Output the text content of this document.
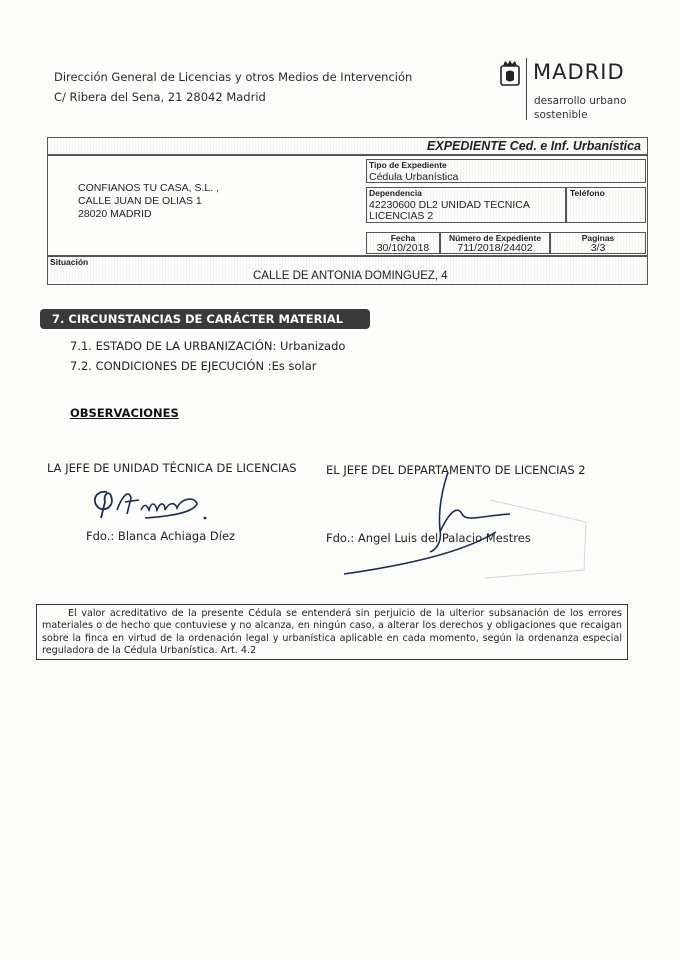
Dirección General de Licencias y otros Medios de Intervención
C/ Ribera del Sena, 21 28042 Madrid
MADRID
desarrollo urbano
sostenible
EXPEDIENTE Ced. e Inf. Urbanística
CONFIANOS TU CASA, S.L. ,
CALLE JUAN DE OLIAS 1
28020 MADRID
Tipo de Expediente
Cédula Urbanística
Dependencia
42230600 DL2 UNIDAD TECNICA
LICENCIAS 2
Teléfono
Fecha
30/10/2018
Número de Expediente
711/2018/24402
Paginas
3/3
Situación
CALLE DE ANTONIA DOMINGUEZ, 4
7. CIRCUNSTANCIAS DE CARÁCTER MATERIAL
7.1. ESTADO DE LA URBANIZACIÓN: Urbanizado
7.2. CONDICIONES DE EJECUCIÓN :Es solar
OBSERVACIONES
LA JEFE DE UNIDAD TÉCNICA DE LICENCIAS	EL JEFE DEL DEPARTAMENTO DE LICENCIAS 2
Fdo.: Blanca Achiaga Díez	Fdo.: Angel Luis del Palacio Mestres
El valor acreditativo de la presente Cédula se entenderá sin perjuicio de la ulterior subsanación de los errores materiales o de hecho que contuviese y no alcanza, en ningún caso, a alterar los derechos y obligaciones que recaigan sobre la finca en virtud de la ordenación legal y urbanística aplicable en cada momento, según la ordenanza especial reguladora de la Cédula Urbanística. Art. 4.2
